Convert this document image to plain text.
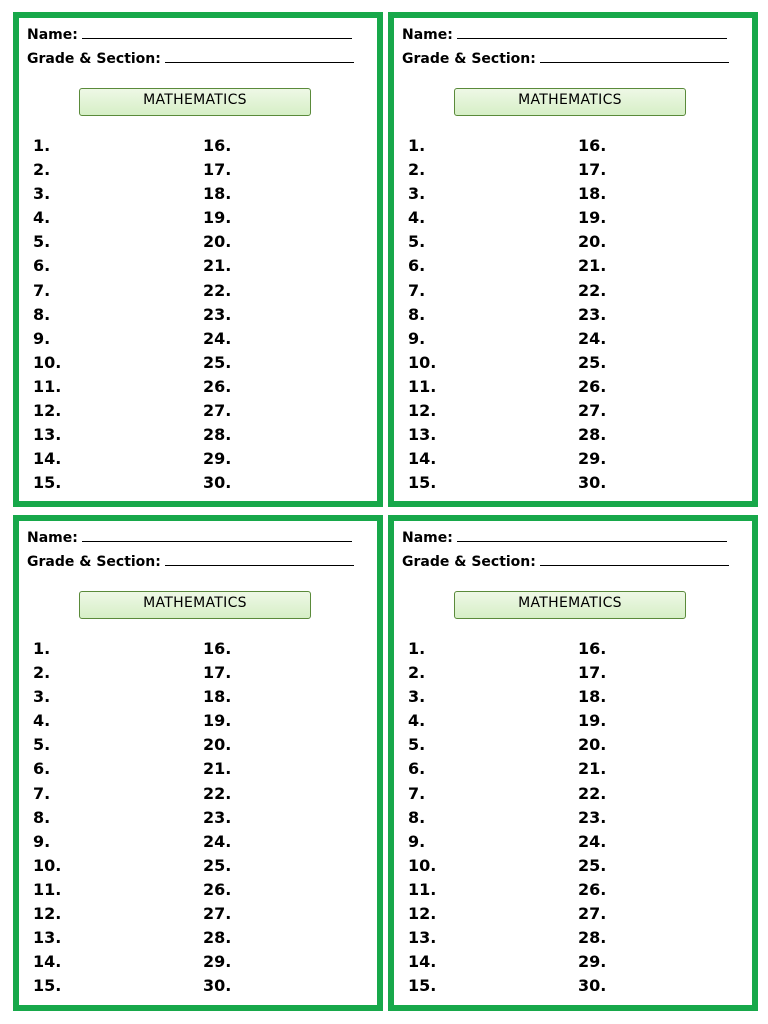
Name:
Grade & Section:
MATHEMATICS
1.
2.
3.
4.
5.
6.
7.
8.
9.
10.
11.
12.
13.
14.
15.
16.
17.
18.
19.
20.
21.
22.
23.
24.
25.
26.
27.
28.
29.
30.
Name:
Grade & Section:
MATHEMATICS
1.
2.
3.
4.
5.
6.
7.
8.
9.
10.
11.
12.
13.
14.
15.
16.
17.
18.
19.
20.
21.
22.
23.
24.
25.
26.
27.
28.
29.
30.
Name:
Grade & Section:
MATHEMATICS
1.
2.
3.
4.
5.
6.
7.
8.
9.
10.
11.
12.
13.
14.
15.
16.
17.
18.
19.
20.
21.
22.
23.
24.
25.
26.
27.
28.
29.
30.
Name:
Grade & Section:
MATHEMATICS
1.
2.
3.
4.
5.
6.
7.
8.
9.
10.
11.
12.
13.
14.
15.
16.
17.
18.
19.
20.
21.
22.
23.
24.
25.
26.
27.
28.
29.
30.
